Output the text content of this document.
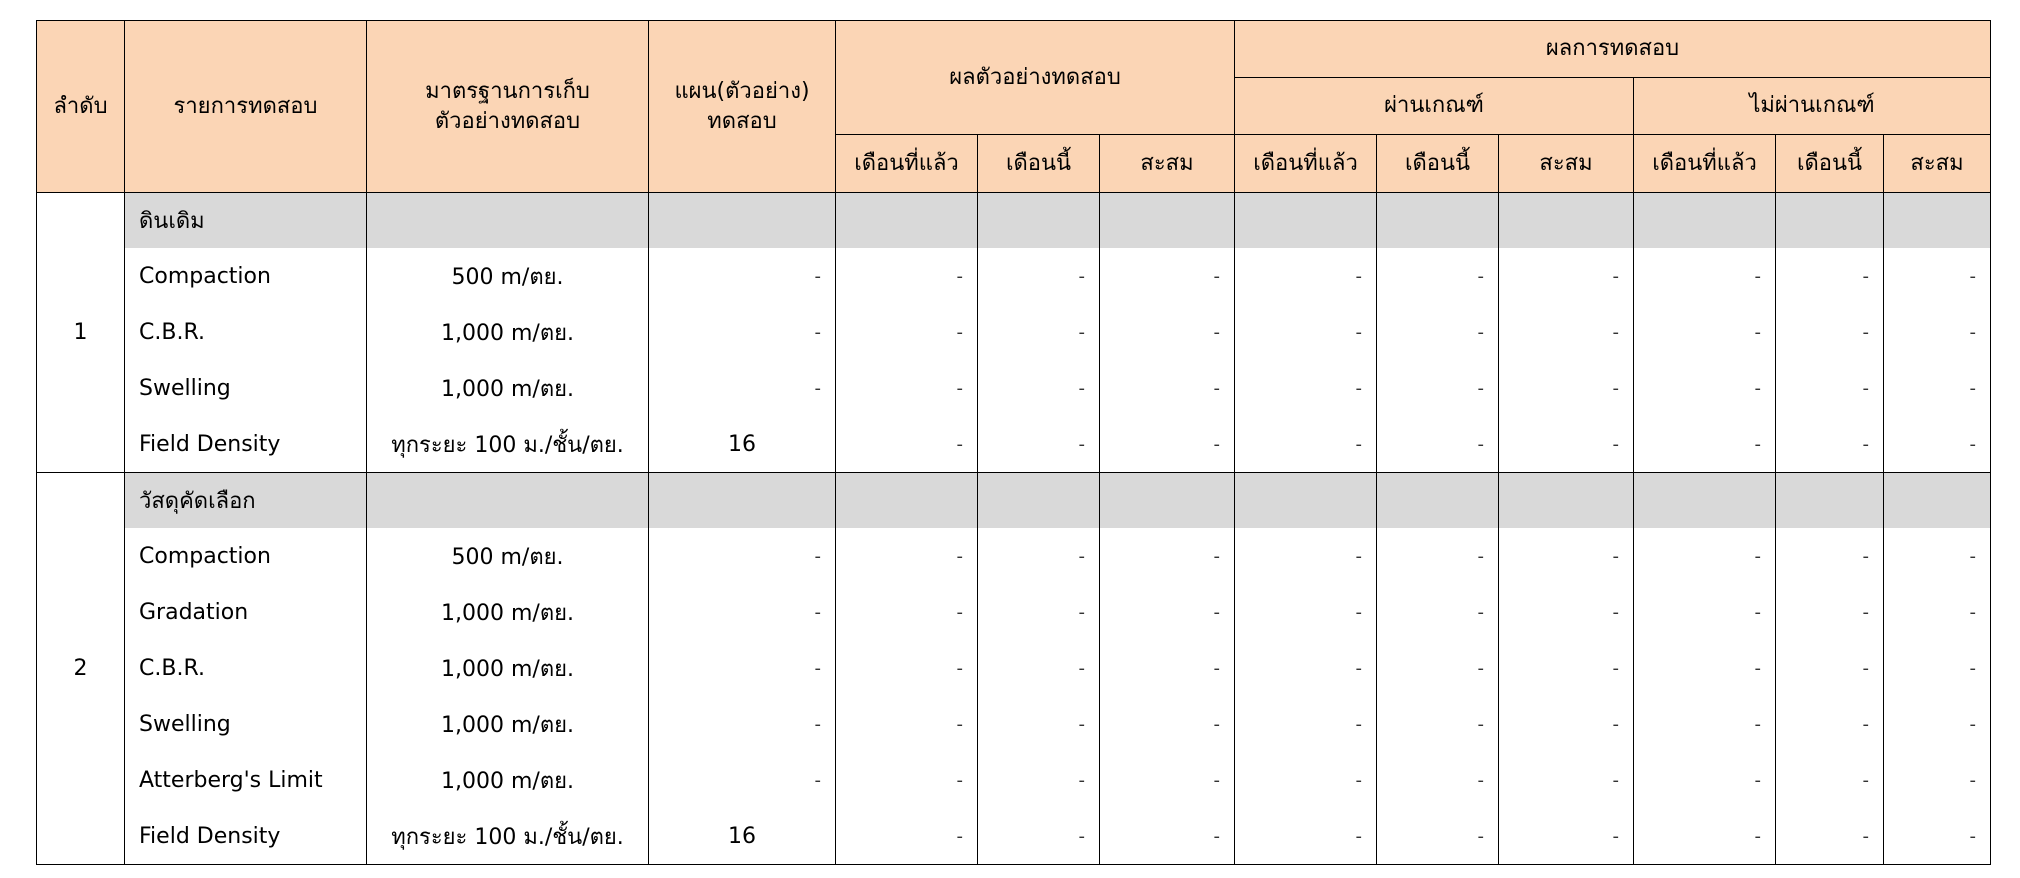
ลำดับ	รายการทดสอบ	มาตรฐานการเก็บ ตัวอย่างทดสอบ	แผน(ตัวอย่าง) ทดสอบ	ผลตัวอย่างทดสอบ			ผลการทดสอบ					
							ผ่านเกณฑ์			ไม่ผ่านเกณฑ์		
				เดือนที่แล้ว	เดือนนี้	สะสม	เดือนที่แล้ว	เดือนนี้	สะสม	เดือนที่แล้ว	เดือนนี้	สะสม
1	ดินเดิม											
	Compaction	500 m/ตย.	-	-	-	-	-	-	-	-	-	-
	C.B.R.	1,000 m/ตย.	-	-	-	-	-	-	-	-	-	-
	Swelling	1,000 m/ตย.	-	-	-	-	-	-	-	-	-	-
	Field Density	ทุกระยะ 100 ม./ชั้น/ตย.	16	-	-	-	-	-	-	-	-	-
2	วัสดุคัดเลือก											
	Compaction	500 m/ตย.	-	-	-	-	-	-	-	-	-	-
	Gradation	1,000 m/ตย.	-	-	-	-	-	-	-	-	-	-
	C.B.R.	1,000 m/ตย.	-	-	-	-	-	-	-	-	-	-
	Swelling	1,000 m/ตย.	-	-	-	-	-	-	-	-	-	-
	Atterberg's Limit	1,000 m/ตย.	-	-	-	-	-	-	-	-	-	-
	Field Density	ทุกระยะ 100 ม./ชั้น/ตย.	16	-	-	-	-	-	-	-	-	-
